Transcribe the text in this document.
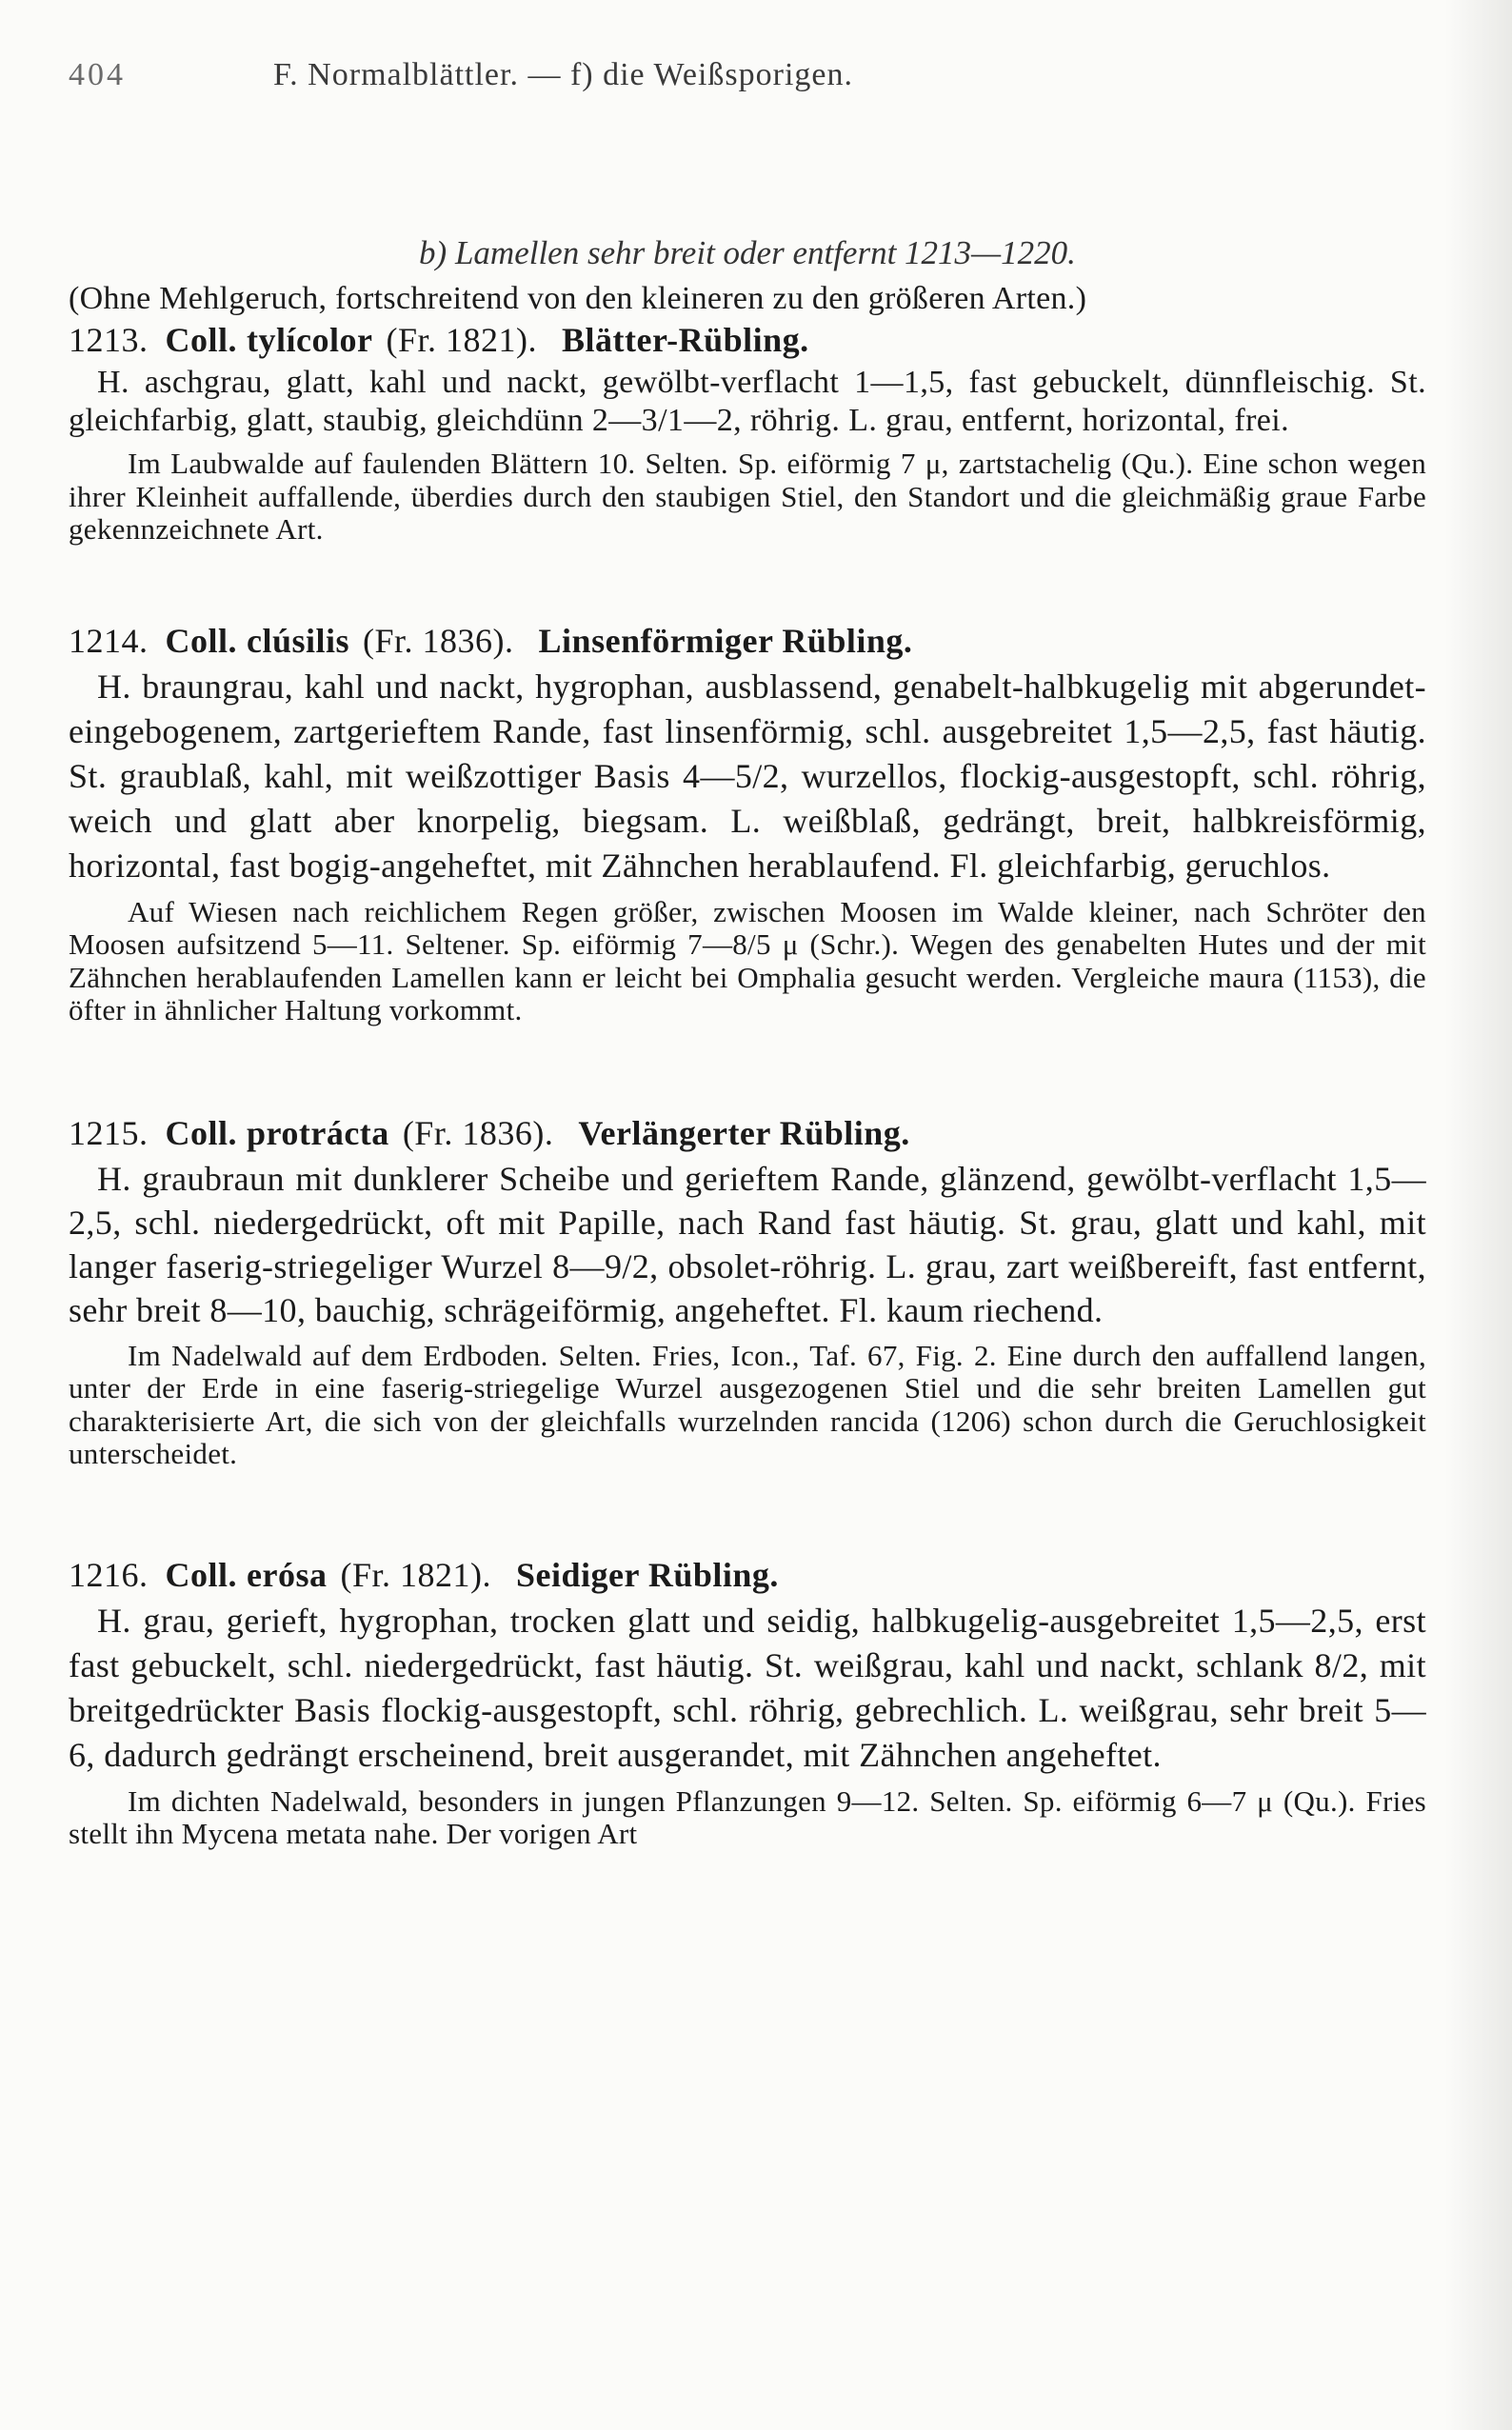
404	F. Normalblättler. — f) die Weißsporigen.
b) Lamellen sehr breit oder entfernt 1213—1220.
(Ohne Mehlgeruch, fortschreitend von den kleineren zu den größeren Arten.)
1213. Coll. tylícolor (Fr. 1821). Blätter-Rübling.

H. aschgrau, glatt, kahl und nackt, gewölbt-verflacht 1—1,5, fast gebuckelt, dünnfleischig. St. gleichfarbig, glatt, staubig, gleichdünn 2—3/1—2, röhrig. L. grau, entfernt, horizontal, frei.

Im Laubwalde auf faulenden Blättern 10. Selten. Sp. eiförmig 7 μ, zartstachelig (Qu.). Eine schon wegen ihrer Kleinheit auffallende, überdies durch den staubigen Stiel, den Standort und die gleichmäßig graue Farbe gekennzeichnete Art.

1214. Coll. clúsilis (Fr. 1836). Linsenförmiger Rübling.

H. braungrau, kahl und nackt, hygrophan, ausblassend, genabelt-halbkugelig mit abgerundet-eingebogenem, zartgerieftem Rande, fast linsenförmig, schl. ausgebreitet 1,5—2,5, fast häutig. St. graublaß, kahl, mit weißzottiger Basis 4—5/2, wurzellos, flockig-ausgestopft, schl. röhrig, weich und glatt aber knorpelig, biegsam. L. weißblaß, gedrängt, breit, halbkreisförmig, horizontal, fast bogig-angeheftet, mit Zähnchen herablaufend. Fl. gleichfarbig, geruchlos.

Auf Wiesen nach reichlichem Regen größer, zwischen Moosen im Walde kleiner, nach Schröter den Moosen aufsitzend 5—11. Seltener. Sp. eiförmig 7—8/5 μ (Schr.). Wegen des genabelten Hutes und der mit Zähnchen herablaufenden Lamellen kann er leicht bei Omphalia gesucht werden. Vergleiche maura (1153), die öfter in ähnlicher Haltung vorkommt.

1215. Coll. protrácta (Fr. 1836). Verlängerter Rübling.

H. graubraun mit dunklerer Scheibe und gerieftem Rande, glänzend, gewölbt-verflacht 1,5—2,5, schl. niedergedrückt, oft mit Papille, nach Rand fast häutig. St. grau, glatt und kahl, mit langer faserig-striegeliger Wurzel 8—9/2, obsolet-röhrig. L. grau, zart weißbereift, fast entfernt, sehr breit 8—10, bauchig, schrägeiförmig, angeheftet. Fl. kaum riechend.

Im Nadelwald auf dem Erdboden. Selten. Fries, Icon., Taf. 67, Fig. 2. Eine durch den auffallend langen, unter der Erde in eine faserig-striegelige Wurzel ausgezogenen Stiel und die sehr breiten Lamellen gut charakterisierte Art, die sich von der gleichfalls wurzelnden rancida (1206) schon durch die Geruchlosigkeit unterscheidet.

1216. Coll. erósa (Fr. 1821). Seidiger Rübling.

H. grau, gerieft, hygrophan, trocken glatt und seidig, halbkugelig-ausgebreitet 1,5—2,5, erst fast gebuckelt, schl. niedergedrückt, fast häutig. St. weißgrau, kahl und nackt, schlank 8/2, mit breitgedrückter Basis flockig-ausgestopft, schl. röhrig, gebrechlich. L. weißgrau, sehr breit 5—6, dadurch gedrängt erscheinend, breit ausgerandet, mit Zähnchen angeheftet.

Im dichten Nadelwald, besonders in jungen Pflanzungen 9—12. Selten. Sp. eiförmig 6—7 μ (Qu.). Fries stellt ihn Mycena metata nahe. Der vorigen Art
